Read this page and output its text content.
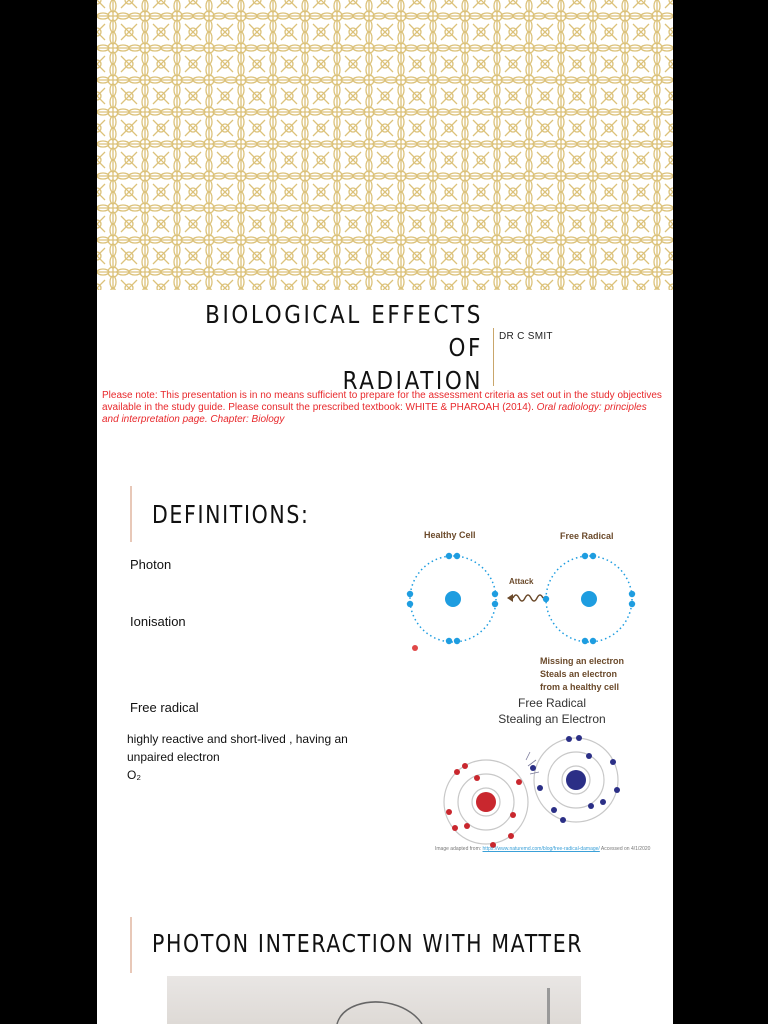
BIOLOGICAL EFFECTS OF
RADIATION
DR C SMIT
Please note: This presentation is in no means sufficient to prepare for the assessment criteria as set out in the study objectives available in the study guide. Please consult the prescribed textbook: WHITE & PHAROAH (2014). Oral radiology: principles and interpretation page. Chapter: Biology
DEFINITIONS:
Photon
Ionisation
Free radical
highly reactive and short-lived , having an
unpaired electron
O₂
Healthy Cell	Free Radical
Attack
Missing an electron
Steals an electron
from a healthy cell
Free Radical
Stealing an Electron
Image adapted from: https://www.naturemd.com/blog/free-radical-damage/ Accessed on 4/1/2020
PHOTON INTERACTION WITH MATTER
